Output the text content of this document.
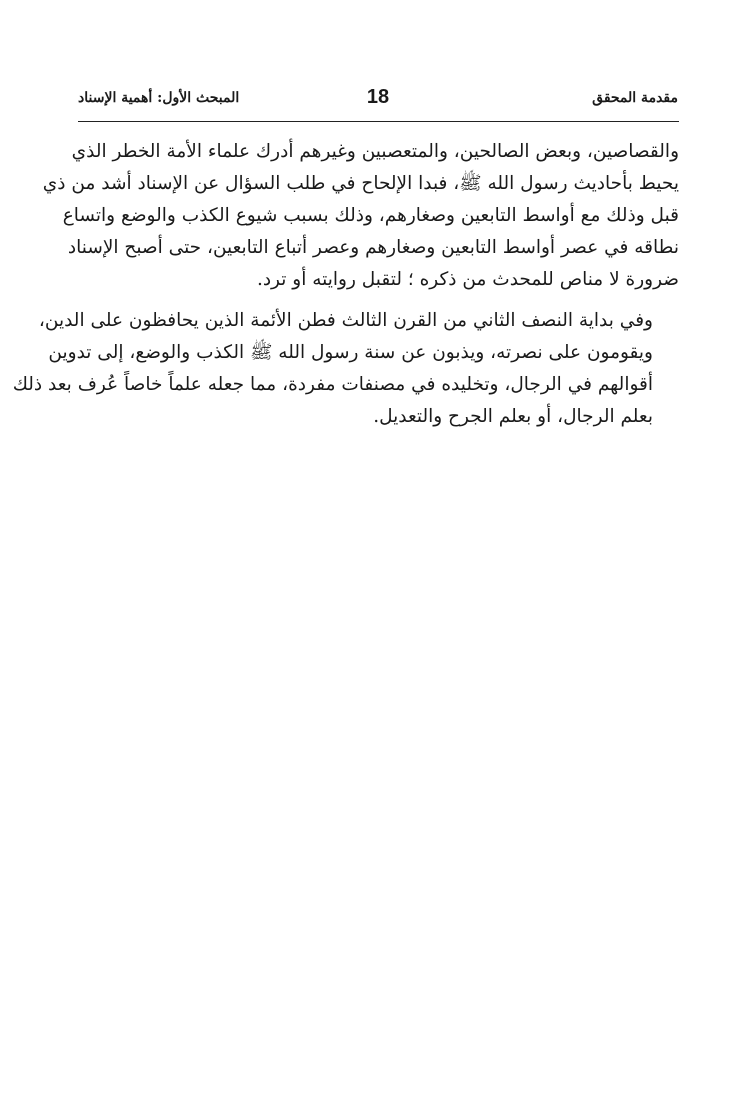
مقدمة المحقق
18
المبحث الأول: أهمية الإسناد

والقصاصين، وبعض الصالحين، والمتعصبين وغيرهم أدرك علماء الأمة الخطر الذي
يحيط بأحاديث رسول الله ﷺ، فبدا الإلحاح في طلب السؤال عن الإسناد أشد من ذي
قبل وذلك مع أواسط التابعين وصغارهم، وذلك بسبب شيوع الكذب والوضع واتساع
نطاقه في عصر أواسط التابعين وصغارهم وعصر أتباع التابعين، حتى أصبح الإسناد
ضرورة لا مناص للمحدث من ذكره ؛ لتقبل روايته أو ترد.

وفي بداية النصف الثاني من القرن الثالث فطن الأئمة الذين يحافظون على الدين،
ويقومون على نصرته، ويذبون عن سنة رسول الله ﷺ الكذب والوضع، إلى تدوين
أقوالهم في الرجال، وتخليده في مصنفات مفردة، مما جعله علماً خاصاً عُرف بعد ذلك
بعلم الرجال، أو بعلم الجرح والتعديل.
